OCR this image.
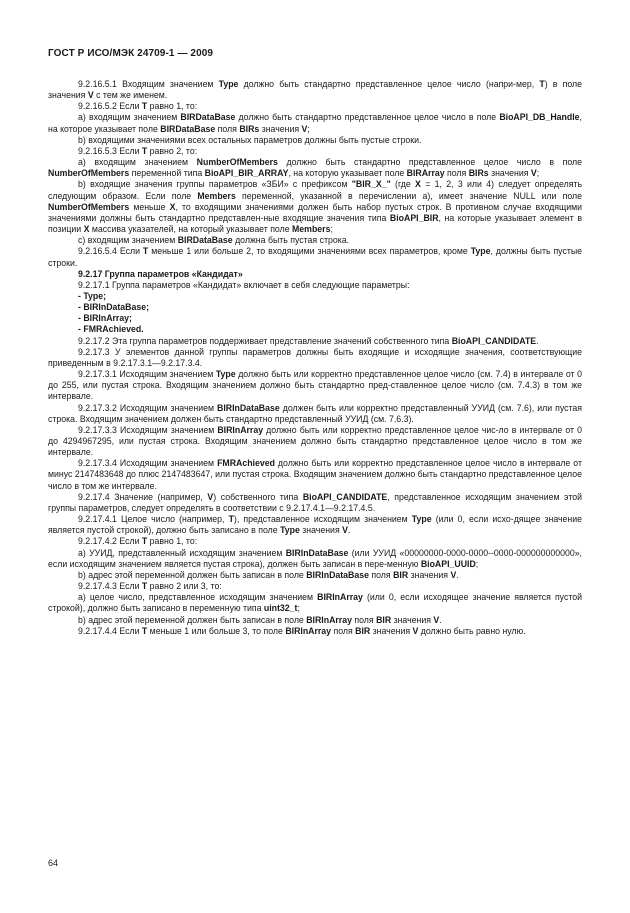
ГОСТ Р ИСО/МЭК 24709-1 — 2009

9.2.16.5.1 Входящим значением Type должно быть стандартно представленное целое число (напри-мер, T) в поле значения V с тем же именем.

9.2.16.5.2 Если T равно 1, то:

а) входящим значением BIRDataBase должно быть стандартно представленное целое число в поле BioAPI_DB_Handle, на которое указывает поле BIRDataBase поля BIRs значения V;

b) входящими значениями всех остальных параметров должны быть пустые строки.

9.2.16.5.3 Если T равно 2, то:

а) входящим значением NumberOfMembers должно быть стандартно представленное целое число в поле NumberOfMembers переменной типа BioAPI_BIR_ARRAY, на которую указывает поле BIRArray поля BIRs значения V;

b) входящие значения группы параметров «ЗБИ» с префиксом "BIR_X_" (где X = 1, 2, 3 или 4) следует определять следующим образом. Если поле Members переменной, указанной в перечислении а), имеет значение NULL или поле NumberOfMembers меньше X, то входящими значениями должен быть набор пустых строк. В противном случае входящими значениями должны быть стандартно представлен-ные входящие значения типа BioAPI_BIR, на которые указывает элемент в позиции X массива указателей, на который указывает поле Members;

с) входящим значением BIRDataBase должна быть пустая строка.

9.2.16.5.4 Если T меньше 1 или больше 2, то входящими значениями всех параметров, кроме Type, должны быть пустые строки.

9.2.17 Группа параметров «Кандидат»

9.2.17.1 Группа параметров «Кандидат» включает в себя следующие параметры:

- Type;

- BIRInDataBase;

- BIRInArray;

- FMRAchieved.

9.2.17.2 Эта группа параметров поддерживает представление значений собственного типа BioAPI_CANDIDATE.

9.2.17.3 У элементов данной группы параметров должны быть входящие и исходящие значения, соответствующие приведенным в 9.2.17.3.1—9.2.17.3.4.

9.2.17.3.1 Исходящим значением Type должно быть или корректно представленное целое число (см. 7.4) в интервале от 0 до 255, или пустая строка. Входящим значением должно быть стандартно пред-ставленное целое число (см. 7.4.3) в том же интервале.

9.2.17.3.2 Исходящим значением BIRInDataBase должен быть или корректно представленный УУИД (см. 7.6), или пустая строка. Входящим значением должен быть стандартно представленный УУИД (см. 7.6.3).

9.2.17.3.3 Исходящим значением BIRInArray должно быть или корректно представленное целое чис-ло в интервале от 0 до 4294967295, или пустая строка. Входящим значением должно быть стандартно представленное целое число в том же интервале.

9.2.17.3.4 Исходящим значением FMRAchieved должно быть или корректно представленное целое число в интервале от минус 2147483648 до плюс 2147483647, или пустая строка. Входящим значением должно быть стандартно представленное целое число в том же интервале.

9.2.17.4 Значение (например, V) собственного типа BioAPI_CANDIDATE, представленное исходящим значением этой группы параметров, следует определять в соответствии с 9.2.17.4.1—9.2.17.4.5.

9.2.17.4.1 Целое число (например, T), представленное исходящим значением Type (или 0, если исхо-дящее значение является пустой строкой), должно быть записано в поле Type значения V.

9.2.17.4.2 Если T равно 1, то:

а) УУИД, представленный исходящим значением BIRInDataBase (или УУИД «00000000-0000-0000--0000-000000000000», если исходящим значением является пустая строка), должен быть записан в пере-менную BioAPI_UUID;

b) адрес этой переменной должен быть записан в поле BIRInDataBase поля BIR значения V.

9.2.17.4.3 Если T равно 2 или 3, то:

а) целое число, представленное исходящим значением BIRInArray (или 0, если исходящее значение является пустой строкой), должно быть записано в переменную типа uint32_t;

b) адрес этой переменной должен быть записан в поле BIRInArray поля BIR значения V.

9.2.17.4.4 Если T меньше 1 или больше 3, то поле BIRInArray поля BIR значения V должно быть равно нулю.

64
